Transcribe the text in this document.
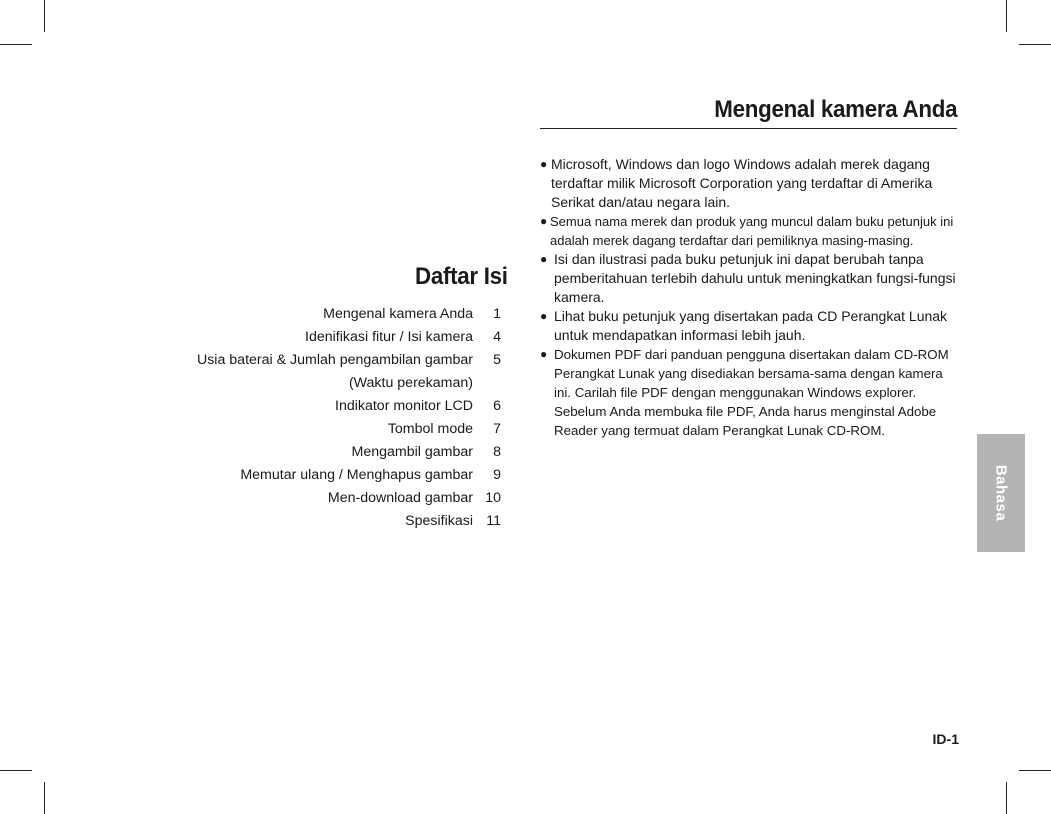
Mengenal kamera Anda
Daftar Isi
Mengenal kamera Anda	1
Idenifikasi fitur / Isi kamera	4
Usia baterai & Jumlah pengambilan gambar	5
(Waktu perekaman)
Indikator monitor LCD	6
Tombol mode	7
Mengambil gambar	8
Memutar ulang / Menghapus gambar	9
Men-download gambar 10
Spesifikasi 11
● Microsoft, Windows dan logo Windows adalah merek dagang terdaftar milik Microsoft Corporation yang terdaftar di Amerika Serikat dan/atau negara lain.
● Semua nama merek dan produk yang muncul dalam buku petunjuk ini adalah merek dagang terdaftar dari pemiliknya masing-masing.
● Isi dan ilustrasi pada buku petunjuk ini dapat berubah tanpa pemberitahuan terlebih dahulu untuk meningkatkan fungsi-fungsi kamera.
● Lihat buku petunjuk yang disertakan pada CD Perangkat Lunak untuk mendapatkan informasi lebih jauh.
● Dokumen PDF dari panduan pengguna disertakan dalam CD-ROM Perangkat Lunak yang disediakan bersama-sama dengan kamera ini. Carilah file PDF dengan menggunakan Windows explorer. Sebelum Anda membuka file PDF, Anda harus menginstal Adobe Reader yang termuat dalam Perangkat Lunak CD-ROM.
Bahasa
ID-1
